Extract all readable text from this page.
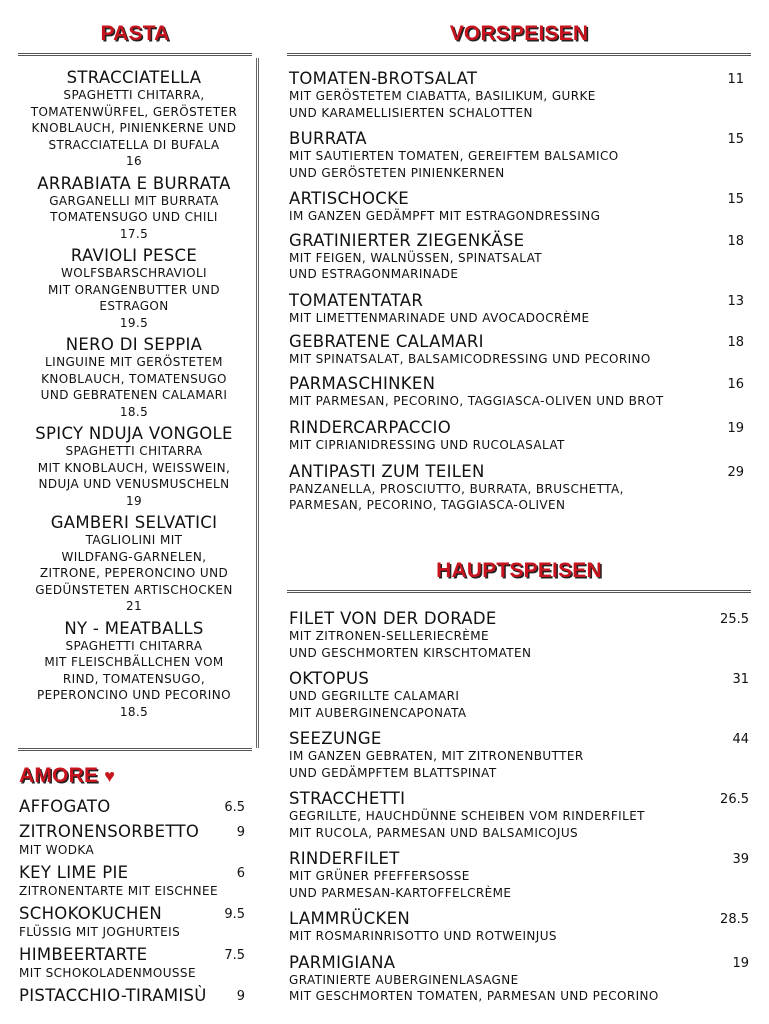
PASTA	VORSPEISEN
HAUPTSPEISEN
AMORE ♥
STRACCIATELLA
SPAGHETTI CHITARRA,
TOMATENWÜRFEL, GERÖSTETER
KNOBLAUCH, PINIENKERNE UND
STRACCIATELLA DI BUFALA
16
ARRABIATA E BURRATA
GARGANELLI MIT BURRATA
TOMATENSUGO UND CHILI
17.5
RAVIOLI PESCE
WOLFSBARSCHRAVIOLI
MIT ORANGENBUTTER UND
ESTRAGON
19.5
NERO DI SEPPIA
LINGUINE MIT GERÖSTETEM
KNOBLAUCH, TOMATENSUGO
UND GEBRATENEN CALAMARI
18.5
SPICY NDUJA VONGOLE
SPAGHETTI CHITARRA
MIT KNOBLAUCH, WEISSWEIN,
NDUJA UND VENUSMUSCHELN
19
GAMBERI SELVATICI
TAGLIOLINI MIT
WILDFANG-GARNELEN,
ZITRONE, PEPERONCINO UND
GEDÜNSTETEN ARTISCHOCKEN
21
NY - MEATBALLS
SPAGHETTI CHITARRA
MIT FLEISCHBÄLLCHEN VOM
RIND, TOMATENSUGO,
PEPERONCINO UND PECORINO
18.5
TOMATEN-BROTSALAT
MIT GERÖSTETEM CIABATTA, BASILIKUM, GURKE
UND KARAMELLISIERTEN SCHALOTTEN
11
BURRATA
MIT SAUTIERTEN TOMATEN, GEREIFTEM BALSAMICO
UND GERÖSTETEN PINIENKERNEN
15
ARTISCHOCKE
IM GANZEN GEDÄMPFT MIT ESTRAGONDRESSING
15
GRATINIERTER ZIEGENKÄSE
MIT FEIGEN, WALNÜSSEN, SPINATSALAT
UND ESTRAGONMARINADE
18
TOMATENTATAR
MIT LIMETTENMARINADE UND AVOCADOCRÈME
13
GEBRATENE CALAMARI
MIT SPINATSALAT, BALSAMICODRESSING UND PECORINO
18
PARMASCHINKEN
MIT PARMESAN, PECORINO, TAGGIASCA-OLIVEN UND BROT
16
RINDERCARPACCIO
MIT CIPRIANIDRESSING UND RUCOLASALAT
19
ANTIPASTI ZUM TEILEN
PANZANELLA, PROSCIUTTO, BURRATA, BRUSCHETTA,
PARMESAN, PECORINO, TAGGIASCA-OLIVEN
29
FILET VON DER DORADE
MIT ZITRONEN-SELLERIECRÈME
UND GESCHMORTEN KIRSCHTOMATEN
25.5
OKTOPUS
UND GEGRILLTE CALAMARI
MIT AUBERGINENCAPONATA
31
SEEZUNGE
IM GANZEN GEBRATEN, MIT ZITRONENBUTTER
UND GEDÄMPFTEM BLATTSPINAT
44
STRACCHETTI
GEGRILLTE, HAUCHDÜNNE SCHEIBEN VOM RINDERFILET
MIT RUCOLA, PARMESAN UND BALSAMICOJUS
26.5
RINDERFILET
MIT GRÜNER PFEFFERSOSSE
UND PARMESAN-KARTOFFELCRÈME
39
LAMMRÜCKEN
MIT ROSMARINRISOTTO UND ROTWEINJUS
28.5
PARMIGIANA
GRATINIERTE AUBERGINENLASAGNE
MIT GESCHMORTEN TOMATEN, PARMESAN UND PECORINO
19
AFFOGATO	6.5
ZITRONENSORBETTO
MIT WODKA
9
KEY LIME PIE
ZITRONENTARTE MIT EISCHNEE
6
SCHOKOKUCHEN
FLÜSSIG MIT JOGHURTEIS
9.5
HIMBEERTARTE
MIT SCHOKOLADENMOUSSE
7.5
PISTACCHIO-TIRAMISÙ	9
